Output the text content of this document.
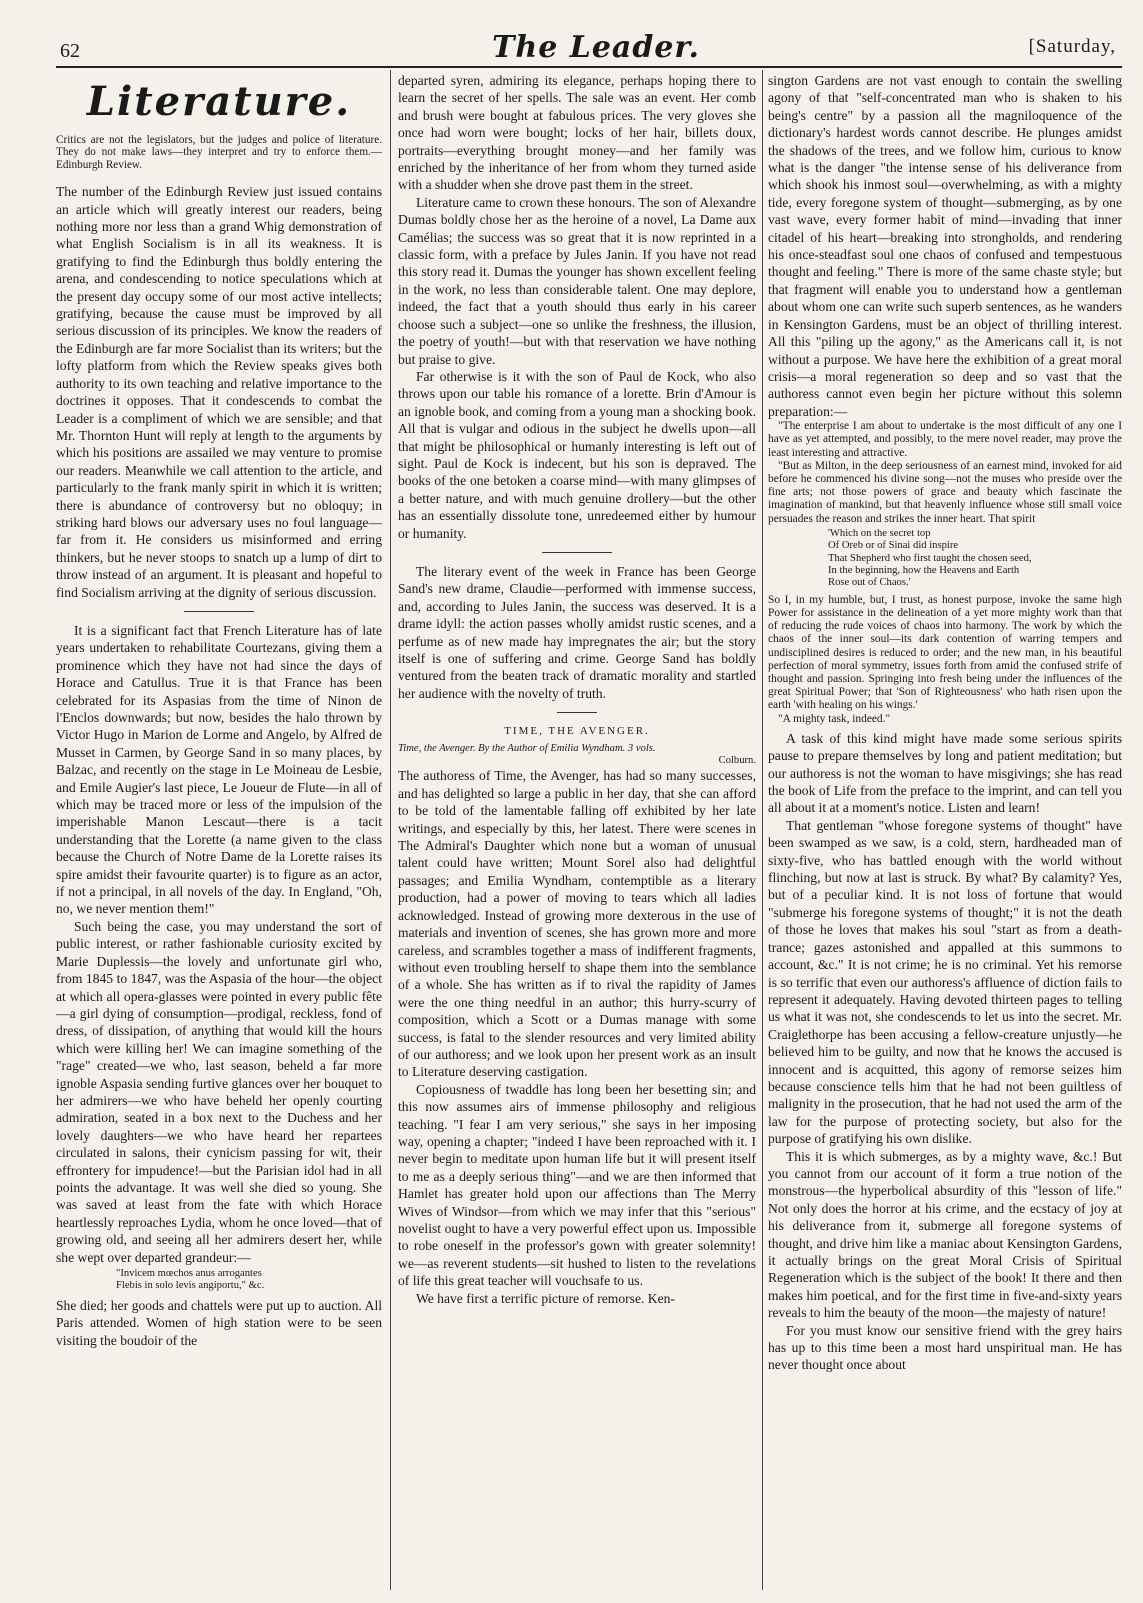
62	The Leader.	[Saturday,
Literature.
Critics are not the legislators, but the judges and police of literature. They do not make laws—they interpret and try to enforce them.—Edinburgh Review.

The number of the Edinburgh Review just issued contains an article which will greatly interest our readers, being nothing more nor less than a grand Whig demonstration of what English Socialism is in all its weakness. It is gratifying to find the Edinburgh thus boldly entering the arena, and condescending to notice speculations which at the present day occupy some of our most active intellects; gratifying, because the cause must be improved by all serious discussion of its principles. We know the readers of the Edinburgh are far more Socialist than its writers; but the lofty platform from which the Review speaks gives both authority to its own teaching and relative importance to the doctrines it opposes. That it condescends to combat the Leader is a compliment of which we are sensible; and that Mr. Thornton Hunt will reply at length to the arguments by which his positions are assailed we may venture to promise our readers. Meanwhile we call attention to the article, and particularly to the frank manly spirit in which it is written; there is abundance of controversy but no obloquy; in striking hard blows our adversary uses no foul language—far from it. He considers us misinformed and erring thinkers, but he never stoops to snatch up a lump of dirt to throw instead of an argument. It is pleasant and hopeful to find Socialism arriving at the dignity of serious discussion.

It is a significant fact that French Literature has of late years undertaken to rehabilitate Courtezans, giving them a prominence which they have not had since the days of Horace and Catullus. True it is that France has been celebrated for its Aspasias from the time of Ninon de l'Enclos downwards; but now, besides the halo thrown by Victor Hugo in Marion de Lorme and Angelo, by Alfred de Musset in Carmen, by George Sand in so many places, by Balzac, and recently on the stage in Le Moineau de Lesbie, and Emile Augier's last piece, Le Joueur de Flute—in all of which may be traced more or less of the impulsion of the imperishable Manon Lescaut—there is a tacit understanding that the Lorette (a name given to the class because the Church of Notre Dame de la Lorette raises its spire amidst their favourite quarter) is to figure as an actor, if not a principal, in all novels of the day. In England, "Oh, no, we never mention them!"

Such being the case, you may understand the sort of public interest, or rather fashionable curiosity excited by Marie Duplessis—the lovely and unfortunate girl who, from 1845 to 1847, was the Aspasia of the hour—the object at which all opera-glasses were pointed in every public fête—a girl dying of consumption—prodigal, reckless, fond of dress, of dissipation, of anything that would kill the hours which were killing her! We can imagine something of the "rage" created—we who, last season, beheld a far more ignoble Aspasia sending furtive glances over her bouquet to her admirers—we who have beheld her openly courting admiration, seated in a box next to the Duchess and her lovely daughters—we who have heard her repartees circulated in salons, their cynicism passing for wit, their effrontery for impudence!—but the Parisian idol had in all points the advantage. It was well she died so young. She was saved at least from the fate with which Horace heartlessly reproaches Lydia, whom he once loved—that of growing old, and seeing all her admirers desert her, while she wept over departed grandeur:—

"Invicem mœchos anus arrogantes
Flebis in solo levis angiportu," &c.

She died; her goods and chattels were put up to auction. All Paris attended. Women of high station were to be seen visiting the boudoir of the

departed syren, admiring its elegance, perhaps hoping there to learn the secret of her spells. The sale was an event. Her comb and brush were bought at fabulous prices. The very gloves she once had worn were bought; locks of her hair, billets doux, portraits—everything brought money—and her family was enriched by the inheritance of her from whom they turned aside with a shudder when she drove past them in the street.

Literature came to crown these honours. The son of Alexandre Dumas boldly chose her as the heroine of a novel, La Dame aux Camélias; the success was so great that it is now reprinted in a classic form, with a preface by Jules Janin. If you have not read this story read it. Dumas the younger has shown excellent feeling in the work, no less than considerable talent. One may deplore, indeed, the fact that a youth should thus early in his career choose such a subject—one so unlike the freshness, the illusion, the poetry of youth!—but with that reservation we have nothing but praise to give.

Far otherwise is it with the son of Paul de Kock, who also throws upon our table his romance of a lorette. Brin d'Amour is an ignoble book, and coming from a young man a shocking book. All that is vulgar and odious in the subject he dwells upon—all that might be philosophical or humanly interesting is left out of sight. Paul de Kock is indecent, but his son is depraved. The books of the one betoken a coarse mind—with many glimpses of a better nature, and with much genuine drollery—but the other has an essentially dissolute tone, unredeemed either by humour or humanity.

The literary event of the week in France has been George Sand's new drame, Claudie—performed with immense success, and, according to Jules Janin, the success was deserved. It is a drame idyll: the action passes wholly amidst rustic scenes, and a perfume as of new made hay impregnates the air; but the story itself is one of suffering and crime. George Sand has boldly ventured from the beaten track of dramatic morality and startled her audience with the novelty of truth.

TIME, THE AVENGER.
Time, the Avenger. By the Author of Emilia Wyndham. 3 vols.
Colburn.

The authoress of Time, the Avenger, has had so many successes, and has delighted so large a public in her day, that she can afford to be told of the lamentable falling off exhibited by her late writings, and especially by this, her latest. There were scenes in The Admiral's Daughter which none but a woman of unusual talent could have written; Mount Sorel also had delightful passages; and Emilia Wyndham, contemptible as a literary production, had a power of moving to tears which all ladies acknowledged. Instead of growing more dexterous in the use of materials and invention of scenes, she has grown more and more careless, and scrambles together a mass of indifferent fragments, without even troubling herself to shape them into the semblance of a whole. She has written as if to rival the rapidity of James were the one thing needful in an author; this hurry-scurry of composition, which a Scott or a Dumas manage with some success, is fatal to the slender resources and very limited ability of our authoress; and we look upon her present work as an insult to Literature deserving castigation.

Copiousness of twaddle has long been her besetting sin; and this now assumes airs of immense philosophy and religious teaching. "I fear I am very serious," she says in her imposing way, opening a chapter; "indeed I have been reproached with it. I never begin to meditate upon human life but it will present itself to me as a deeply serious thing"—and we are then informed that Hamlet has greater hold upon our affections than The Merry Wives of Windsor—from which we may infer that this "serious" novelist ought to have a very powerful effect upon us. Impossible to robe oneself in the professor's gown with greater solemnity! we—as reverent students—sit hushed to listen to the revelations of life this great teacher will vouchsafe to us.

We have first a terrific picture of remorse. Ken-

sington Gardens are not vast enough to contain the swelling agony of that "self-concentrated man who is shaken to his being's centre" by a passion all the magniloquence of the dictionary's hardest words cannot describe. He plunges amidst the shadows of the trees, and we follow him, curious to know what is the danger "the intense sense of his deliverance from which shook his inmost soul—overwhelming, as with a mighty tide, every foregone system of thought—submerging, as by one vast wave, every former habit of mind—invading that inner citadel of his heart—breaking into strongholds, and rendering his once-steadfast soul one chaos of confused and tempestuous thought and feeling." There is more of the same chaste style; but that fragment will enable you to understand how a gentleman about whom one can write such superb sentences, as he wanders in Kensington Gardens, must be an object of thrilling interest. All this "piling up the agony," as the Americans call it, is not without a purpose. We have here the exhibition of a great moral crisis—a moral regeneration so deep and so vast that the authoress cannot even begin her picture without this solemn preparation:—

"The enterprise I am about to undertake is the most difficult of any one I have as yet attempted, and possibly, to the mere novel reader, may prove the least interesting and attractive.

"But as Milton, in the deep seriousness of an earnest mind, invoked for aid before he commenced his divine song—not the muses who preside over the fine arts; not those powers of grace and beauty which fascinate the imagination of mankind, but that heavenly influence whose still small voice persuades the reason and strikes the inner heart. That spirit

'Which on the secret top
Of Oreb or of Sinai did inspire
That Shepherd who first taught the chosen seed,
In the beginning, how the Heavens and Earth
Rose out of Chaos.'

So I, in my humble, but, I trust, as honest purpose, invoke the same high Power for assistance in the delineation of a yet more mighty work than that of reducing the rude voices of chaos into harmony. The work by which the chaos of the inner soul—its dark contention of warring tempers and undisciplined desires is reduced to order; and the new man, in his beautiful perfection of moral symmetry, issues forth from amid the confused strife of thought and passion. Springing into fresh being under the influences of the great Spiritual Power; that 'Son of Righteousness' who hath risen upon the earth 'with healing on his wings.'

"A mighty task, indeed."

A task of this kind might have made some serious spirits pause to prepare themselves by long and patient meditation; but our authoress is not the woman to have misgivings; she has read the book of Life from the preface to the imprint, and can tell you all about it at a moment's notice. Listen and learn!

That gentleman "whose foregone systems of thought" have been swamped as we saw, is a cold, stern, hardheaded man of sixty-five, who has battled enough with the world without flinching, but now at last is struck. By what? By calamity? Yes, but of a peculiar kind. It is not loss of fortune that would "submerge his foregone systems of thought;" it is not the death of those he loves that makes his soul "start as from a death-trance; gazes astonished and appalled at this summons to account, &c." It is not crime; he is no criminal. Yet his remorse is so terrific that even our authoress's affluence of diction fails to represent it adequately. Having devoted thirteen pages to telling us what it was not, she condescends to let us into the secret. Mr. Craiglethorpe has been accusing a fellow-creature unjustly—he believed him to be guilty, and now that he knows the accused is innocent and is acquitted, this agony of remorse seizes him because conscience tells him that he had not been guiltless of malignity in the prosecution, that he had not used the arm of the law for the purpose of protecting society, but also for the purpose of gratifying his own dislike.

This it is which submerges, as by a mighty wave, &c.! But you cannot from our account of it form a true notion of the monstrous—the hyperbolical absurdity of this "lesson of life." Not only does the horror at his crime, and the ecstacy of joy at his deliverance from it, submerge all foregone systems of thought, and drive him like a maniac about Kensington Gardens, it actually brings on the great Moral Crisis of Spiritual Regeneration which is the subject of the book! It there and then makes him poetical, and for the first time in five-and-sixty years reveals to him the beauty of the moon—the majesty of nature!

For you must know our sensitive friend with the grey hairs has up to this time been a most hard unspiritual man. He has never thought once about
